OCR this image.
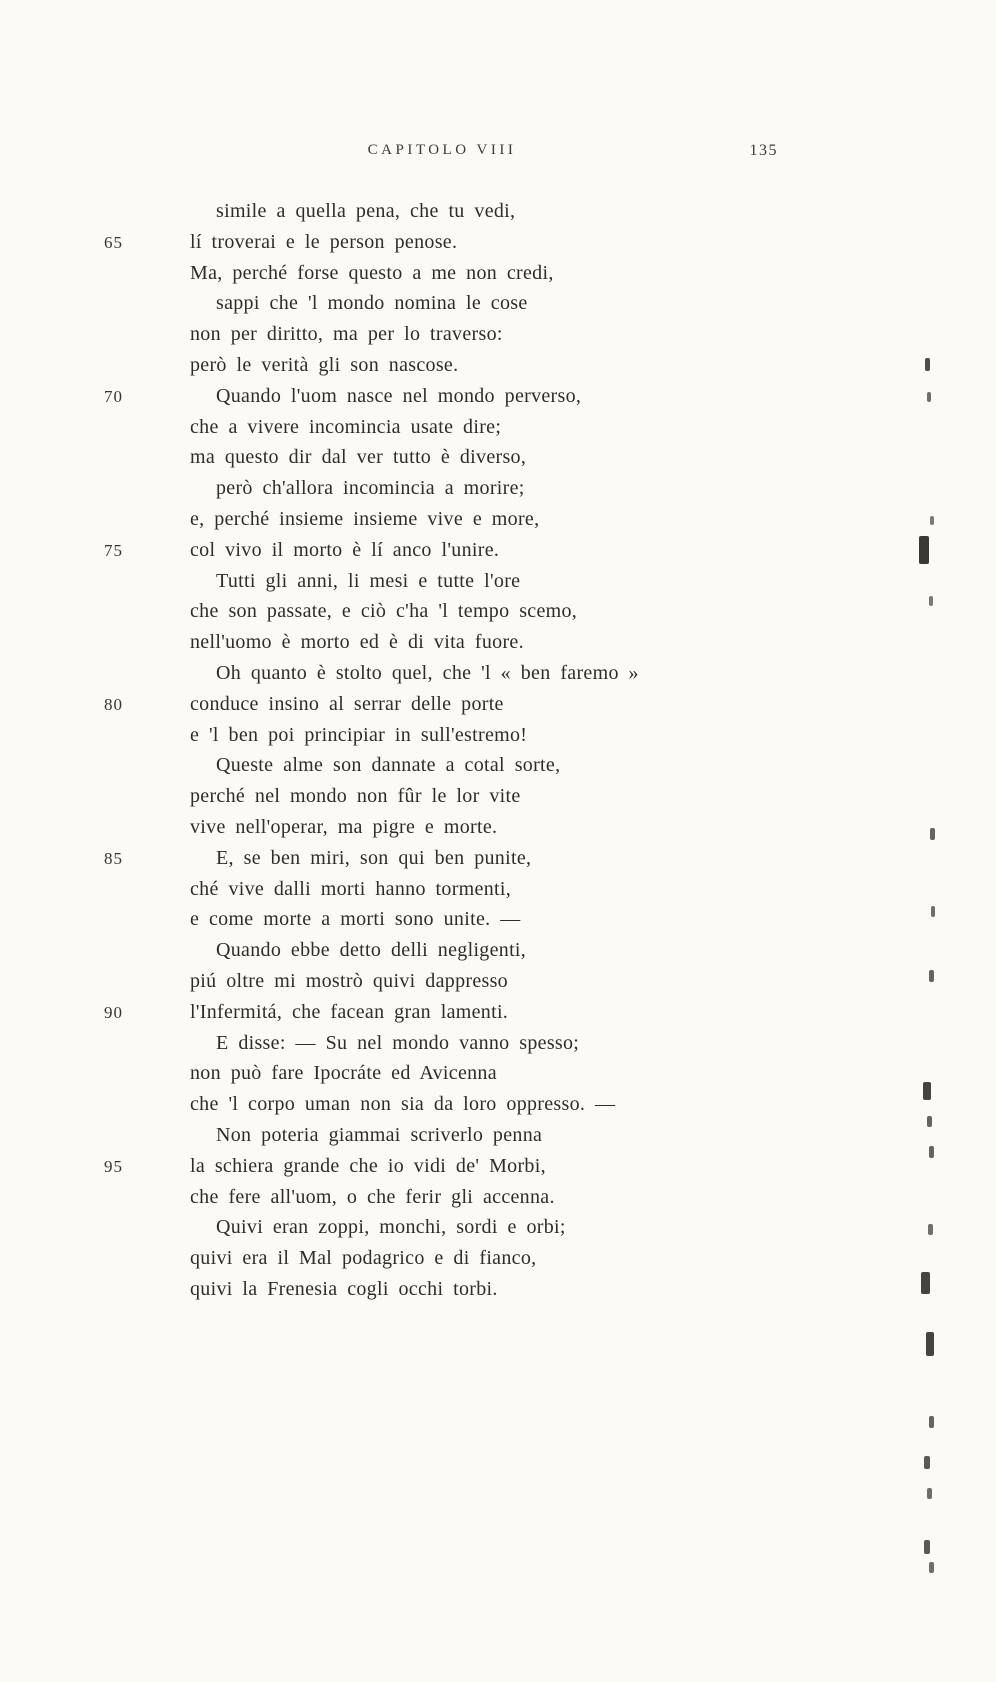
CAPITOLO VIII	135
simile a quella pena, che tu vedi,
65	lí troverai e le person penose.
Ma, perché forse questo a me non credi,
sappi che 'l mondo nomina le cose
non per diritto, ma per lo traverso:
però le verità gli son nascose.
70	Quando l'uom nasce nel mondo perverso,
che a vivere incomincia usate dire;
ma questo dir dal ver tutto è diverso,
però ch'allora incomincia a morire;
e, perché insieme insieme vive e more,
75	col vivo il morto è lí anco l'unire.
Tutti gli anni, li mesi e tutte l'ore
che son passate, e ciò c'ha 'l tempo scemo,
nell'uomo è morto ed è di vita fuore.
Oh quanto è stolto quel, che 'l « ben faremo »
80	conduce insino al serrar delle porte
e 'l ben poi principiar in sull'estremo!
Queste alme son dannate a cotal sorte,
perché nel mondo non fûr le lor vite
vive nell'operar, ma pigre e morte.
85	E, se ben miri, son qui ben punite,
ché vive dalli morti hanno tormenti,
e come morte a morti sono unite. —
Quando ebbe detto delli negligenti,
piú oltre mi mostrò quivi dappresso
90	l'Infermitá, che facean gran lamenti.
E disse: — Su nel mondo vanno spesso;
non può fare Ipocráte ed Avicenna
che 'l corpo uman non sia da loro oppresso. —
Non poteria giammai scriverlo penna
95	la schiera grande che io vidi de' Morbi,
che fere all'uom, o che ferir gli accenna.
Quivi eran zoppi, monchi, sordi e orbi;
quivi era il Mal podagrico e di fianco,
quivi la Frenesia cogli occhi torbi.
